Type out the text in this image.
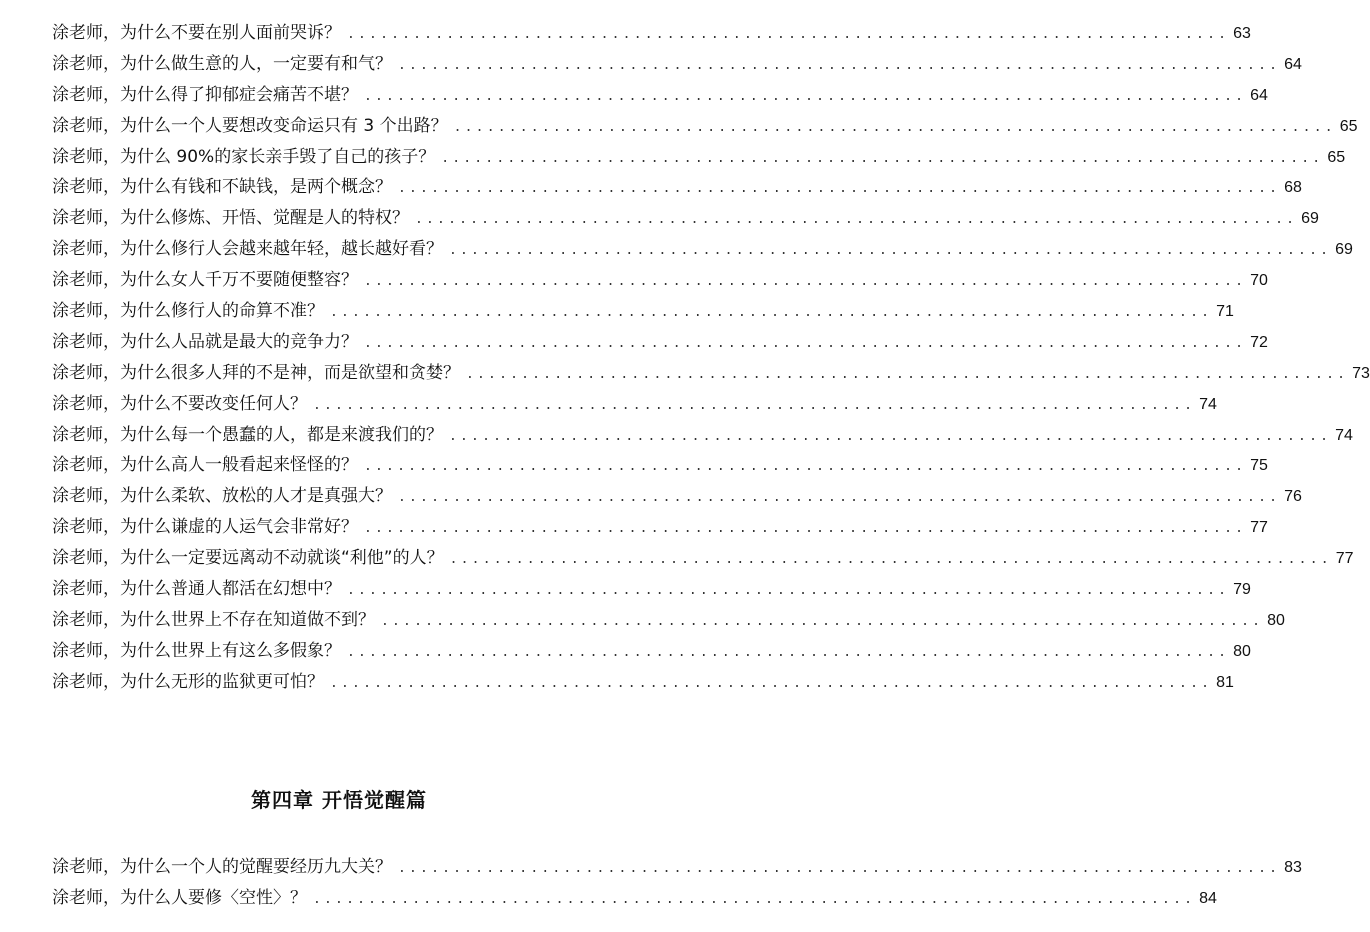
涂老师，为什么不要在别人面前哭诉？ ................................................................................ 63
涂老师，为什么做生意的人，一定要有和气？ ................................................................................ 64
涂老师，为什么得了抑郁症会痛苦不堪？ ................................................................................ 64
涂老师，为什么一个人要想改变命运只有 3 个出路？ ................................................................................ 65
涂老师，为什么 90%的家长亲手毁了自己的孩子？ ................................................................................ 65
涂老师，为什么有钱和不缺钱，是两个概念？ ................................................................................ 68
涂老师，为什么修炼、开悟、觉醒是人的特权？ ................................................................................ 69
涂老师，为什么修行人会越来越年轻，越长越好看？ ................................................................................ 69
涂老师，为什么女人千万不要随便整容？ ................................................................................ 70
涂老师，为什么修行人的命算不准？ ................................................................................ 71
涂老师，为什么人品就是最大的竞争力？ ................................................................................ 72
涂老师，为什么很多人拜的不是神，而是欲望和贪婪？ ................................................................................ 73
涂老师，为什么不要改变任何人？ ................................................................................ 74
涂老师，为什么每一个愚蠢的人，都是来渡我们的？ ................................................................................ 74
涂老师，为什么高人一般看起来怪怪的？ ................................................................................ 75
涂老师，为什么柔软、放松的人才是真强大？ ................................................................................ 76
涂老师，为什么谦虚的人运气会非常好？ ................................................................................ 77
涂老师，为什么一定要远离动不动就谈“利他”的人？ ................................................................................ 77
涂老师，为什么普通人都活在幻想中？ ................................................................................ 79
涂老师，为什么世界上不存在知道做不到？ ................................................................................ 80
涂老师，为什么世界上有这么多假象？ ................................................................................ 80
涂老师，为什么无形的监狱更可怕？ ................................................................................ 81
第四章 开悟觉醒篇
涂老师，为什么一个人的觉醒要经历九大关？ ................................................................................ 83
涂老师，为什么人要修〈空性〉？ ................................................................................ 84
